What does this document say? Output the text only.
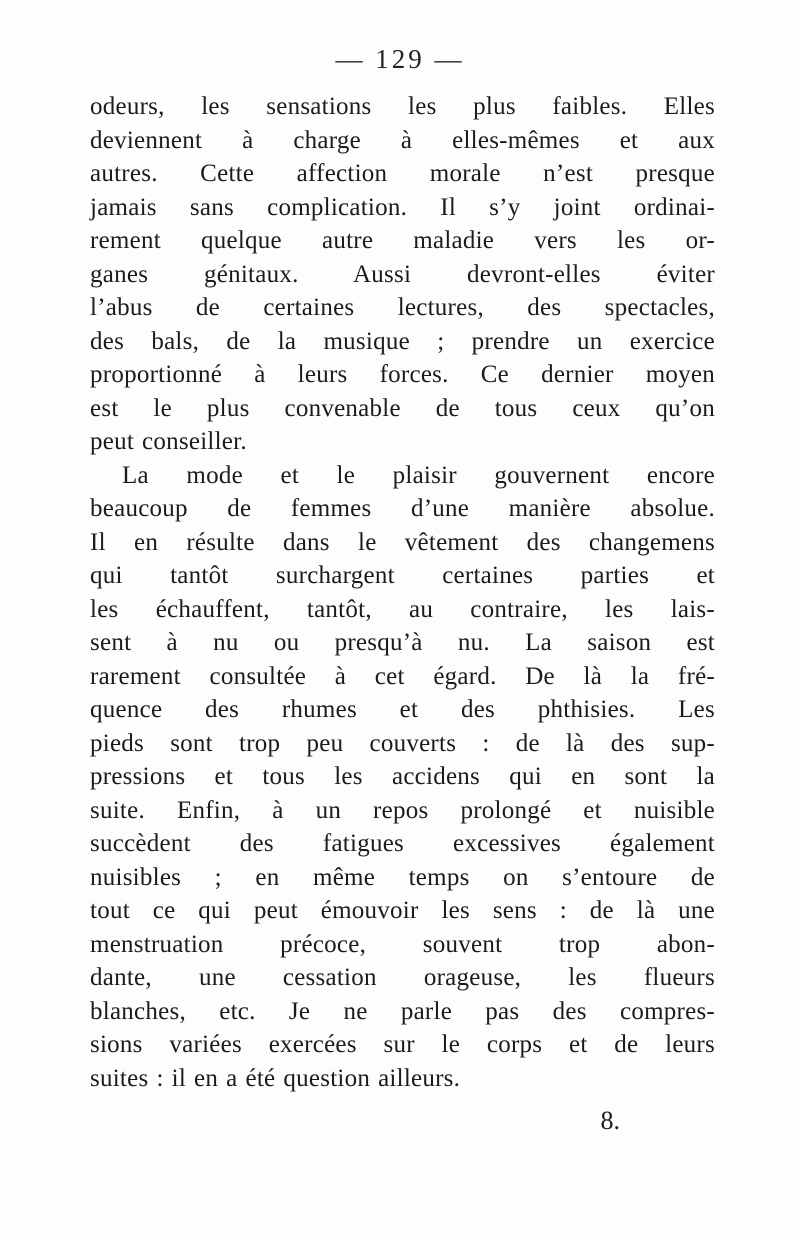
— 129 —
odeurs, les sensations les plus faibles. Elles
deviennent à charge à elles-mêmes et aux
autres. Cette affection morale n’est presque
jamais sans complication. Il s’y joint ordinai-
rement quelque autre maladie vers les or-
ganes génitaux. Aussi devront-elles éviter
l’abus de certaines lectures, des spectacles,
des bals, de la musique ; prendre un exercice
proportionné à leurs forces. Ce dernier moyen
est le plus convenable de tous ceux qu’on
peut conseiller.
La mode et le plaisir gouvernent encore
beaucoup de femmes d’une manière absolue.
Il en résulte dans le vêtement des changemens
qui tantôt surchargent certaines parties et
les échauffent, tantôt, au contraire, les lais-
sent à nu ou presqu’à nu. La saison est
rarement consultée à cet égard. De là la fré-
quence des rhumes et des phthisies. Les
pieds sont trop peu couverts : de là des sup-
pressions et tous les accidens qui en sont la
suite. Enfin, à un repos prolongé et nuisible
succèdent des fatigues excessives également
nuisibles ; en même temps on s’entoure de
tout ce qui peut émouvoir les sens : de là une
menstruation précoce, souvent trop abon-
dante, une cessation orageuse, les flueurs
blanches, etc. Je ne parle pas des compres-
sions variées exercées sur le corps et de leurs
suites : il en a été question ailleurs.
8.
